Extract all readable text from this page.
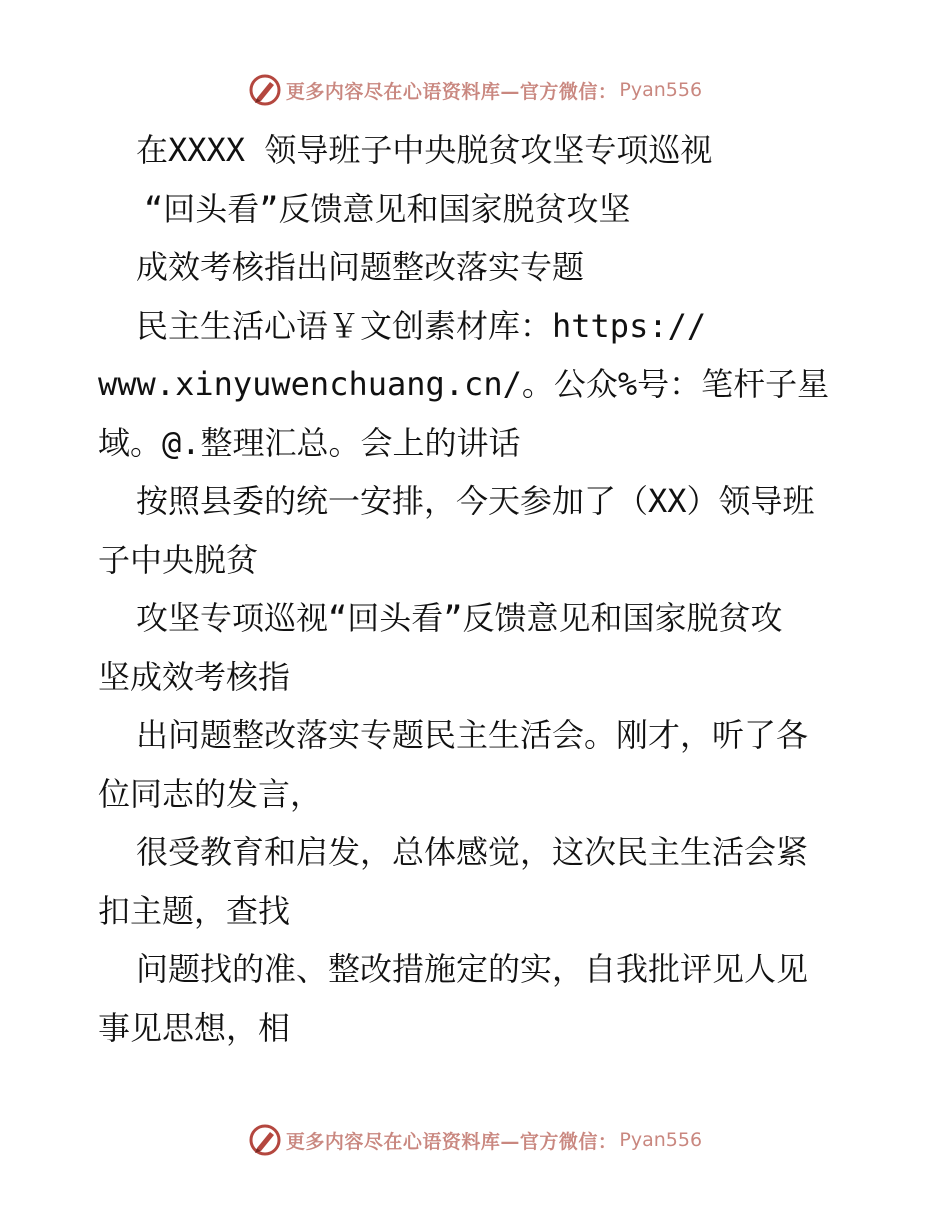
更多内容尽在心语资料库—官方微信： Pyan556

在XXXX 领导班子中央脱贫攻坚专项巡视

“回头看”反馈意见和国家脱贫攻坚

成效考核指出问题整改落实专题

民主生活心语￥文创素材库：https://

www.xinyuwenchuang.cn/。公众%号：笔杆子星

域。@.整理汇总。会上的讲话

按照县委的统一安排，今天参加了（XX）领导班

子中央脱贫

攻坚专项巡视“回头看”反馈意见和国家脱贫攻

坚成效考核指

出问题整改落实专题民主生活会。刚才，听了各

位同志的发言，

很受教育和启发，总体感觉，这次民主生活会紧

扣主题，查找

问题找的准、整改措施定的实，自我批评见人见

事见思想，相

更多内容尽在心语资料库—官方微信： Pyan556
